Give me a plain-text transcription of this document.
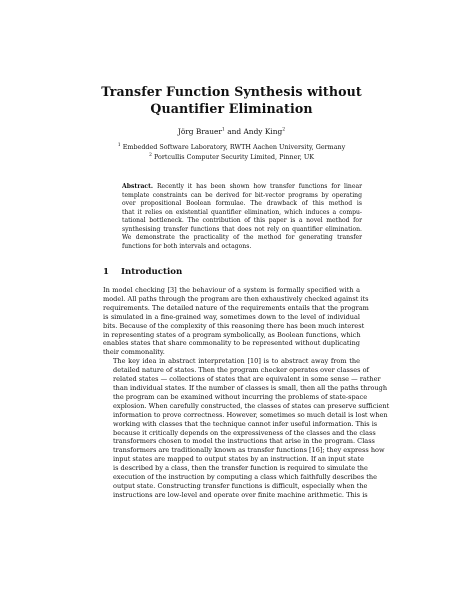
Transfer Function Synthesis without
Quantifier Elimination
Jörg Brauer$^1$ and Andy King$^2$
$^1$ Embedded Software Laboratory, RWTH Aachen University, Germany
$^2$ Portcullis Computer Security Limited, Pinner, UK
Abstract. Recently it has been shown how transfer functions for linear
template constraints can be derived for bit-vector programs by operating
over propositional Boolean formulae. The drawback of this method is
that it relies on existential quantifier elimination, which induces a compu-
tational bottleneck. The contribution of this paper is a novel method for
synthesising transfer functions that does not rely on quantifier elimination.
We demonstrate the practicality of the method for generating transfer
functions for both intervals and octagons.
1 Introduction

In model checking [3] the behaviour of a system is formally specified with a
model. All paths through the program are then exhaustively checked against its
requirements. The detailed nature of the requirements entails that the program
is simulated in a fine-grained way, sometimes down to the level of individual
bits. Because of the complexity of this reasoning there has been much interest
in representing states of a program symbolically, as Boolean functions, which
enables states that share commonality to be represented without duplicating
their commonality.

The key idea in abstract interpretation [10] is to abstract away from the
detailed nature of states. Then the program checker operates over classes of
related states — collections of states that are equivalent in some sense — rather
than individual states. If the number of classes is small, then all the paths through
the program can be examined without incurring the problems of state-space
explosion. When carefully constructed, the classes of states can preserve sufficient
information to prove correctness. However, sometimes so much detail is lost when
working with classes that the technique cannot infer useful information. This is
because it critically depends on the expressiveness of the classes and the class
transformers chosen to model the instructions that arise in the program. Class
transformers are traditionally known as transfer functions [16]; they express how
input states are mapped to output states by an instruction. If an input state
is described by a class, then the transfer function is required to simulate the
execution of the instruction by computing a class which faithfully describes the
output state. Constructing transfer functions is difficult, especially when the
instructions are low-level and operate over finite machine arithmetic. This is
